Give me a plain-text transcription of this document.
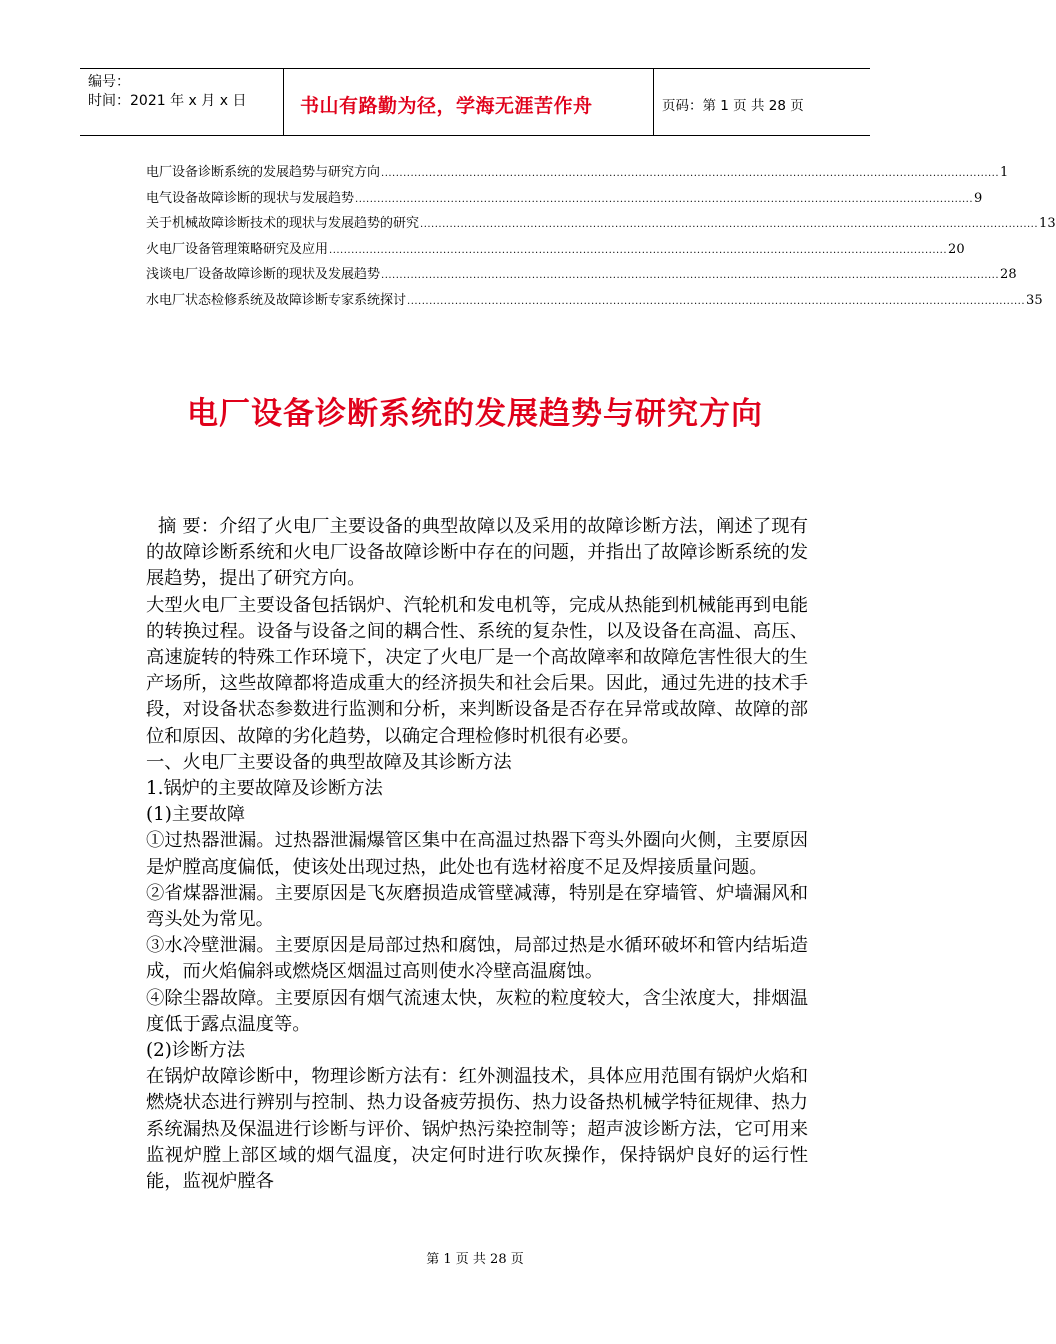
编号：
时间：2021 年 x 月 x 日	书山有路勤为径，学海无涯苦作舟	页码：第 1 页 共 28 页
电厂设备诊断系统的发展趋势与研究方向 ........................................................................................................................................................................ 1
电气设备故障诊断的现状与发展趋势 ........................................................................................................................................................................ 9
关于机械故障诊断技术的现状与发展趋势的研究 ........................................................................................................................................................................ 13
火电厂设备管理策略研究及应用 ........................................................................................................................................................................ 20
浅谈电厂设备故障诊断的现状及发展趋势 ........................................................................................................................................................................ 28
水电厂状态检修系统及故障诊断专家系统探讨 ........................................................................................................................................................................ 35
电厂设备诊断系统的发展趋势与研究方向

摘 要：介绍了火电厂主要设备的典型故障以及采用的故障诊断方法，阐述了现有的故障诊断系统和火电厂设备故障诊断中存在的问题，并指出了故障诊断系统的发展趋势，提出了研究方向。

大型火电厂主要设备包括锅炉、汽轮机和发电机等，完成从热能到机械能再到电能的转换过程。设备与设备之间的耦合性、系统的复杂性，以及设备在高温、高压、高速旋转的特殊工作环境下，决定了火电厂是一个高故障率和故障危害性很大的生产场所，这些故障都将造成重大的经济损失和社会后果。因此，通过先进的技术手段，对设备状态参数进行监测和分析，来判断设备是否存在异常或故障、故障的部位和原因、故障的劣化趋势，以确定合理检修时机很有必要。

一、火电厂主要设备的典型故障及其诊断方法

1.锅炉的主要故障及诊断方法

(1)主要故障

①过热器泄漏。过热器泄漏爆管区集中在高温过热器下弯头外圈向火侧，主要原因是炉膛高度偏低，使该处出现过热，此处也有选材裕度不足及焊接质量问题。

②省煤器泄漏。主要原因是飞灰磨损造成管壁减薄，特别是在穿墙管、炉墙漏风和弯头处为常见。

③水冷壁泄漏。主要原因是局部过热和腐蚀，局部过热是水循环破坏和管内结垢造成，而火焰偏斜或燃烧区烟温过高则使水冷壁高温腐蚀。

④除尘器故障。主要原因有烟气流速太快，灰粒的粒度较大，含尘浓度大，排烟温度低于露点温度等。

(2)诊断方法

在锅炉故障诊断中，物理诊断方法有：红外测温技术，具体应用范围有锅炉火焰和燃烧状态进行辨别与控制、热力设备疲劳损伤、热力设备热机械学特征规律、热力系统漏热及保温进行诊断与评价、锅炉热污染控制等；超声波诊断方法，它可用来监视炉膛上部区域的烟气温度，决定何时进行吹灰操作，保持锅炉良好的运行性能，监视炉膛各

第 1 页 共 28 页
